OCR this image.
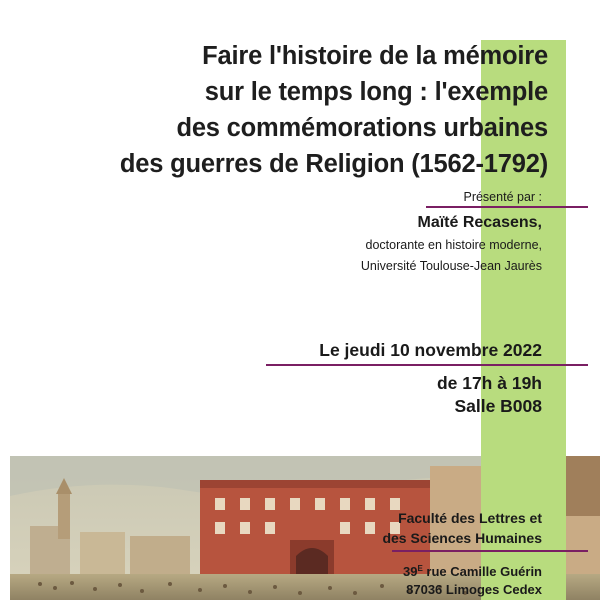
Faire l'histoire de la mémoire
sur le temps long : l'exemple
des commémorations urbaines
des guerres de Religion (1562-1792)
Présenté par :
Maïté Recasens,
doctorante en histoire moderne,
Université Toulouse-Jean Jaurès
Le jeudi 10 novembre 2022
de 17h à 19h
Salle B008
Faculté des Lettres et
des Sciences Humaines
$39^E$ rue Camille Guérin
87036 Limoges Cedex
